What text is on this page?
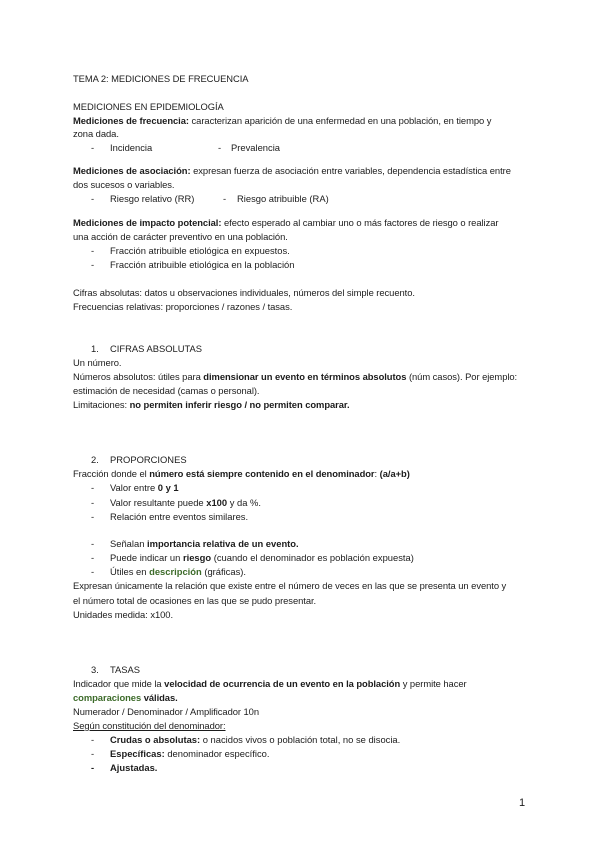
TEMA 2: MEDICIONES DE FRECUENCIA
MEDICIONES EN EPIDEMIOLOGÍA
Mediciones de frecuencia: caracterizan aparición de una enfermedad en una población, en tiempo y
zona dada.
- Incidencia	- Prevalencia
Mediciones de asociación: expresan fuerza de asociación entre variables, dependencia estadística entre
dos sucesos o variables.
- Riesgo relativo (RR)	- Riesgo atribuible (RA)
Mediciones de impacto potencial: efecto esperado al cambiar uno o más factores de riesgo o realizar
una acción de carácter preventivo en una población.
- Fracción atribuible etiológica en expuestos.
- Fracción atribuible etiológica en la población
Cifras absolutas: datos u observaciones individuales, números del simple recuento.
Frecuencias relativas: proporciones / razones / tasas.
1. CIFRAS ABSOLUTAS
Un número.
Números absolutos: útiles para dimensionar un evento en términos absolutos (núm casos). Por ejemplo:
estimación de necesidad (camas o personal).
Limitaciones: no permiten inferir riesgo / no permiten comparar.
2. PROPORCIONES
Fracción donde el número está siempre contenido en el denominador: (a/a+b)
- Valor entre 0 y 1
- Valor resultante puede x100 y da %.
- Relación entre eventos similares.
- Señalan importancia relativa de un evento.
- Puede indicar un riesgo (cuando el denominador es población expuesta)
- Útiles en descripción (gráficas).
Expresan únicamente la relación que existe entre el número de veces en las que se presenta un evento y
el número total de ocasiones en las que se pudo presentar.
Unidades medida: x100.
3. TASAS
Indicador que mide la velocidad de ocurrencia de un evento en la población y permite hacer
comparaciones válidas.
Numerador / Denominador / Amplificador 10n
Según constitución del denominador:
- Crudas o absolutas: o nacidos vivos o población total, no se disocia.
- Específicas: denominador específico.
- Ajustadas.
1
